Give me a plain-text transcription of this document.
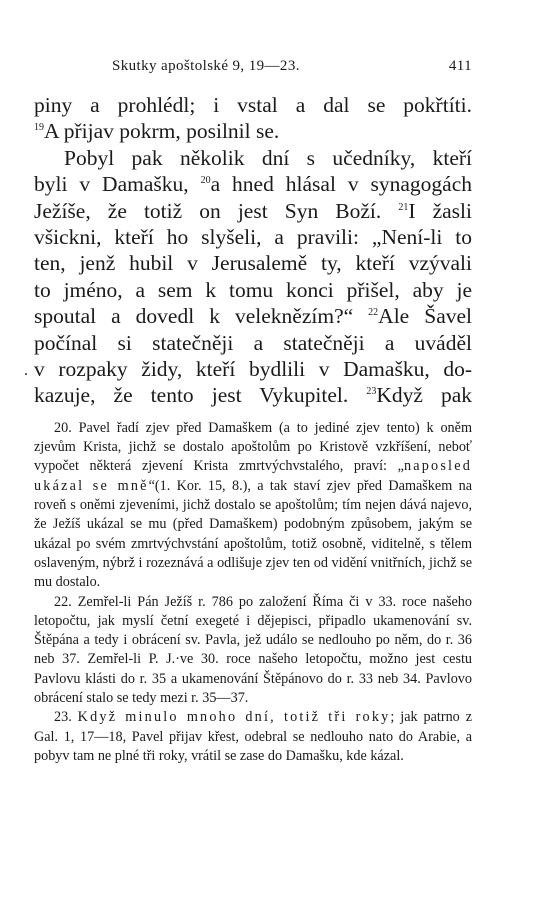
Skutky apoštolské 9, 19—23.	411
piny a prohlédl; i vstal a dal se pokřtíti.
$^{19}$A přijav pokrm, posilnil se.
Pobyl pak několik dní s učedníky, kteří
byli v Damašku, $^{20}$a hned hlásal v synagogách
Ježíše, že totiž on jest Syn Boží. $^{21}$I žasli
všickni, kteří ho slyšeli, a pravili: „Není-li to
ten, jenž hubil v Jerusalemě ty, kteří vzývali
to jméno, a sem k tomu konci přišel, aby je
spoutal a dovedl k veleknězím?“ $^{22}$Ale Šavel
počínal si statečněji a statečněji a uváděl
v rozpaky židy, kteří bydlili v Damašku, do-
kazuje, že tento jest Vykupitel. $^{23}$Když pak

20. Pavel řadí zjev před Damaškem (a to jediné zjev tento) k oněm zjevům Krista, jichž se dostalo apoštolům po Kristově vzkříšení, neboť vypočet některá zjevení Krista zmrtvýchvstalého, praví: „naposled ukázal se mně“(1. Kor. 15, 8.), a tak staví zjev před Damaškem na roveň s oněmi zjeveními, jichž dostalo se apoštolům; tím nejen dává najevo, že Ježíš ukázal se mu (před Damaškem) podobným způsobem, jakým se ukázal po svém zmrtvýchvstání apoštolům, totiž osobně, viditelně, s tělem oslaveným, nýbrž i rozeznává a odlišuje zjev ten od vidění vnitřních, jichž se mu dostalo.

22. Zemřel-li Pán Ježíš r. 786 po založení Říma či v 33. roce našeho letopočtu, jak myslí četní exegeté i dějepisci, připadlo ukamenování sv. Štěpána a tedy i obrácení sv. Pavla, jež událo se nedlouho po něm, do r. 36 neb 37. Zemřel-li P. J.·ve 30. roce našeho letopočtu, možno jest cestu Pavlovu klásti do r. 35 a ukamenování Štěpánovo do r. 33 neb 34. Pavlovo obrácení stalo se tedy mezi r. 35—37.

23. Když minulo mnoho dní, totiž tři roky; jak patrno z Gal. 1, 17—18, Pavel přijav křest, odebral se nedlouho nato do Arabie, a pobyv tam ne plné tři roky, vrátil se zase do Damašku, kde kázal.

.
